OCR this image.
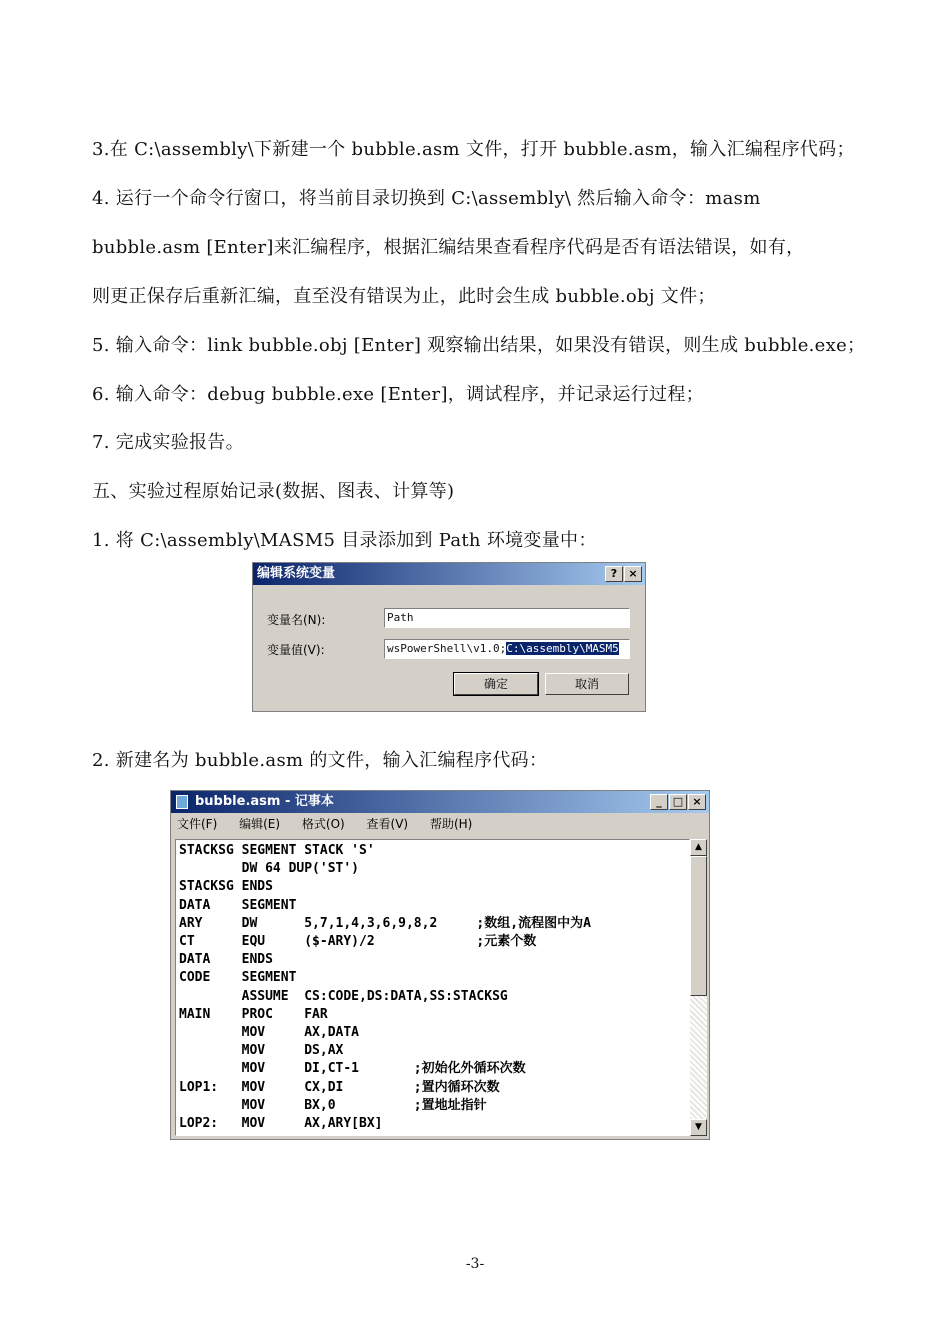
3.在 C:\assembly\下新建一个 bubble.asm 文件，打开 bubble.asm，输入汇编程序代码；
4. 运行一个命令行窗口，将当前目录切换到 C:\assembly\ 然后输入命令：masm
bubble.asm [Enter]来汇编程序，根据汇编结果查看程序代码是否有语法错误，如有，
则更正保存后重新汇编，直至没有错误为止，此时会生成 bubble.obj 文件；
5. 输入命令：link bubble.obj [Enter] 观察输出结果，如果没有错误，则生成 bubble.exe；
6. 输入命令：debug bubble.exe [Enter]，调试程序，并记录运行过程；
7. 完成实验报告。
五、实验过程原始记录(数据、图表、计算等)
1. 将 C:\assembly\MASM5 目录添加到 Path 环境变量中：
编辑系统变量	?	×
变量名(N):	Path
变量值(V):	wsPowerShell\v1.0;C:\assembly\MASM5
确定	取消
2. 新建名为 bubble.asm 的文件，输入汇编程序代码：
bubble.asm - 记事本	_	□ ×
文件(F) 编辑(E) 格式(O) 查看(V) 帮助(H)
STACKSG SEGMENT STACK 'S'
DW 64 DUP('ST')
STACKSG ENDS
DATA    SEGMENT
ARY     DW      5,7,1,4,3,6,9,8,2     ;数组,流程图中为A
CT      EQU     ($-ARY)/2             ;元素个数
DATA    ENDS
CODE    SEGMENT
ASSUME  CS:CODE,DS:DATA,SS:STACKSG
MAIN    PROC    FAR
MOV     AX,DATA
MOV     DS,AX
MOV     DI,CT-1       ;初始化外循环次数
LOP1:   MOV     CX,DI         ;置内循环次数
MOV     BX,0          ;置地址指针
LOP2:   MOV     AX,ARY[BX]
▲
▼
-3-
